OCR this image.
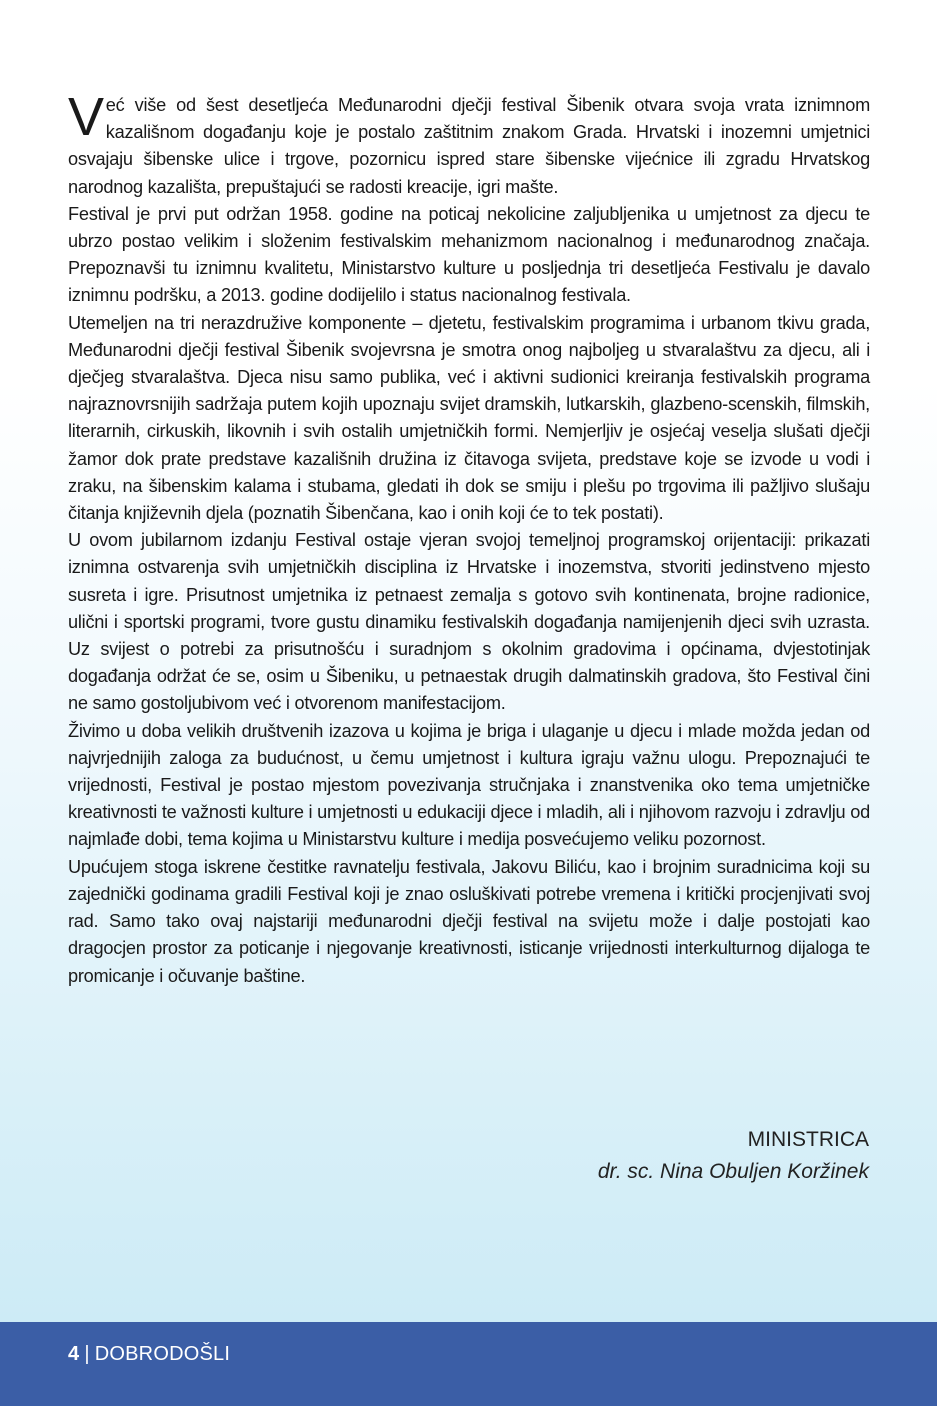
Već više od šest desetljeća Međunarodni dječji festival Šibenik otvara svoja vrata iznimnom kazališnom događanju koje je postalo zaštitnim znakom Grada. Hrvatski i inozemni umjetnici osvajaju šibenske ulice i trgove, pozornicu ispred stare šibenske vijećnice ili zgradu Hrvatskog narodnog kazališta, prepuštajući se radosti kreacije, igri mašte.

Festival je prvi put održan 1958. godine na poticaj nekolicine zaljubljenika u umjetnost za djecu te ubrzo postao velikim i složenim festivalskim mehanizmom nacionalnog i međunarodnog značaja. Prepoznavši tu iznimnu kvalitetu, Ministarstvo kulture u posljednja tri desetljeća Festivalu je davalo iznimnu podršku, a 2013. godine dodijelilo i status nacionalnog festivala.

Utemeljen na tri nerazdružive komponente – djetetu, festivalskim programima i urbanom tkivu grada, Međunarodni dječji festival Šibenik svojevrsna je smotra onog najboljeg u stvaralaštvu za djecu, ali i dječjeg stvaralaštva. Djeca nisu samo publika, već i aktivni sudionici kreiranja festivalskih programa najraznovrsnijih sadržaja putem kojih upoznaju svijet dramskih, lutkarskih, glazbeno-scenskih, filmskih, literarnih, cirkuskih, likovnih i svih ostalih umjetničkih formi. Nemjerljiv je osjećaj veselja slušati dječji žamor dok prate predstave kazališnih družina iz čitavoga svijeta, predstave koje se izvode u vodi i zraku, na šibenskim kalama i stubama, gledati ih dok se smiju i plešu po trgovima ili pažljivo slušaju čitanja književnih djela (poznatih Šibenčana, kao i onih koji će to tek postati).

U ovom jubilarnom izdanju Festival ostaje vjeran svojoj temeljnoj programskoj orijentaciji: prikazati iznimna ostvarenja svih umjetničkih disciplina iz Hrvatske i inozemstva, stvoriti jedinstveno mjesto susreta i igre. Prisutnost umjetnika iz petnaest zemalja s gotovo svih kontinenata, brojne radionice, ulični i sportski programi, tvore gustu dinamiku festivalskih događanja namijenjenih djeci svih uzrasta. Uz svijest o potrebi za prisutnošću i suradnjom s okolnim gradovima i općinama, dvjestotinjak događanja održat će se, osim u Šibeniku, u petnaestak drugih dalmatinskih gradova, što Festival čini ne samo gostoljubivom već i otvorenom manifestacijom.

Živimo u doba velikih društvenih izazova u kojima je briga i ulaganje u djecu i mlade možda jedan od najvrjednijih zaloga za budućnost, u čemu umjetnost i kultura igraju važnu ulogu. Prepoznajući te vrijednosti, Festival je postao mjestom povezivanja stručnjaka i znanstvenika oko tema umjetničke kreativnosti te važnosti kulture i umjetnosti u edukaciji djece i mladih, ali i njihovom razvoju i zdravlju od najmlađe dobi, tema kojima u Ministarstvu kulture i medija posvećujemo veliku pozornost.

Upućujem stoga iskrene čestitke ravnatelju festivala, Jakovu Biliću, kao i brojnim suradnicima koji su zajednički godinama gradili Festival koji je znao osluškivati potrebe vremena i kritički procjenjivati svoj rad. Samo tako ovaj najstariji međunarodni dječji festival na svijetu može i dalje postojati kao dragocjen prostor za poticanje i njegovanje kreativnosti, isticanje vrijednosti interkulturnog dijaloga te promicanje i očuvanje baštine.

MINISTRICA
dr. sc. Nina Obuljen Koržinek
4 | DOBRODOŠLI
